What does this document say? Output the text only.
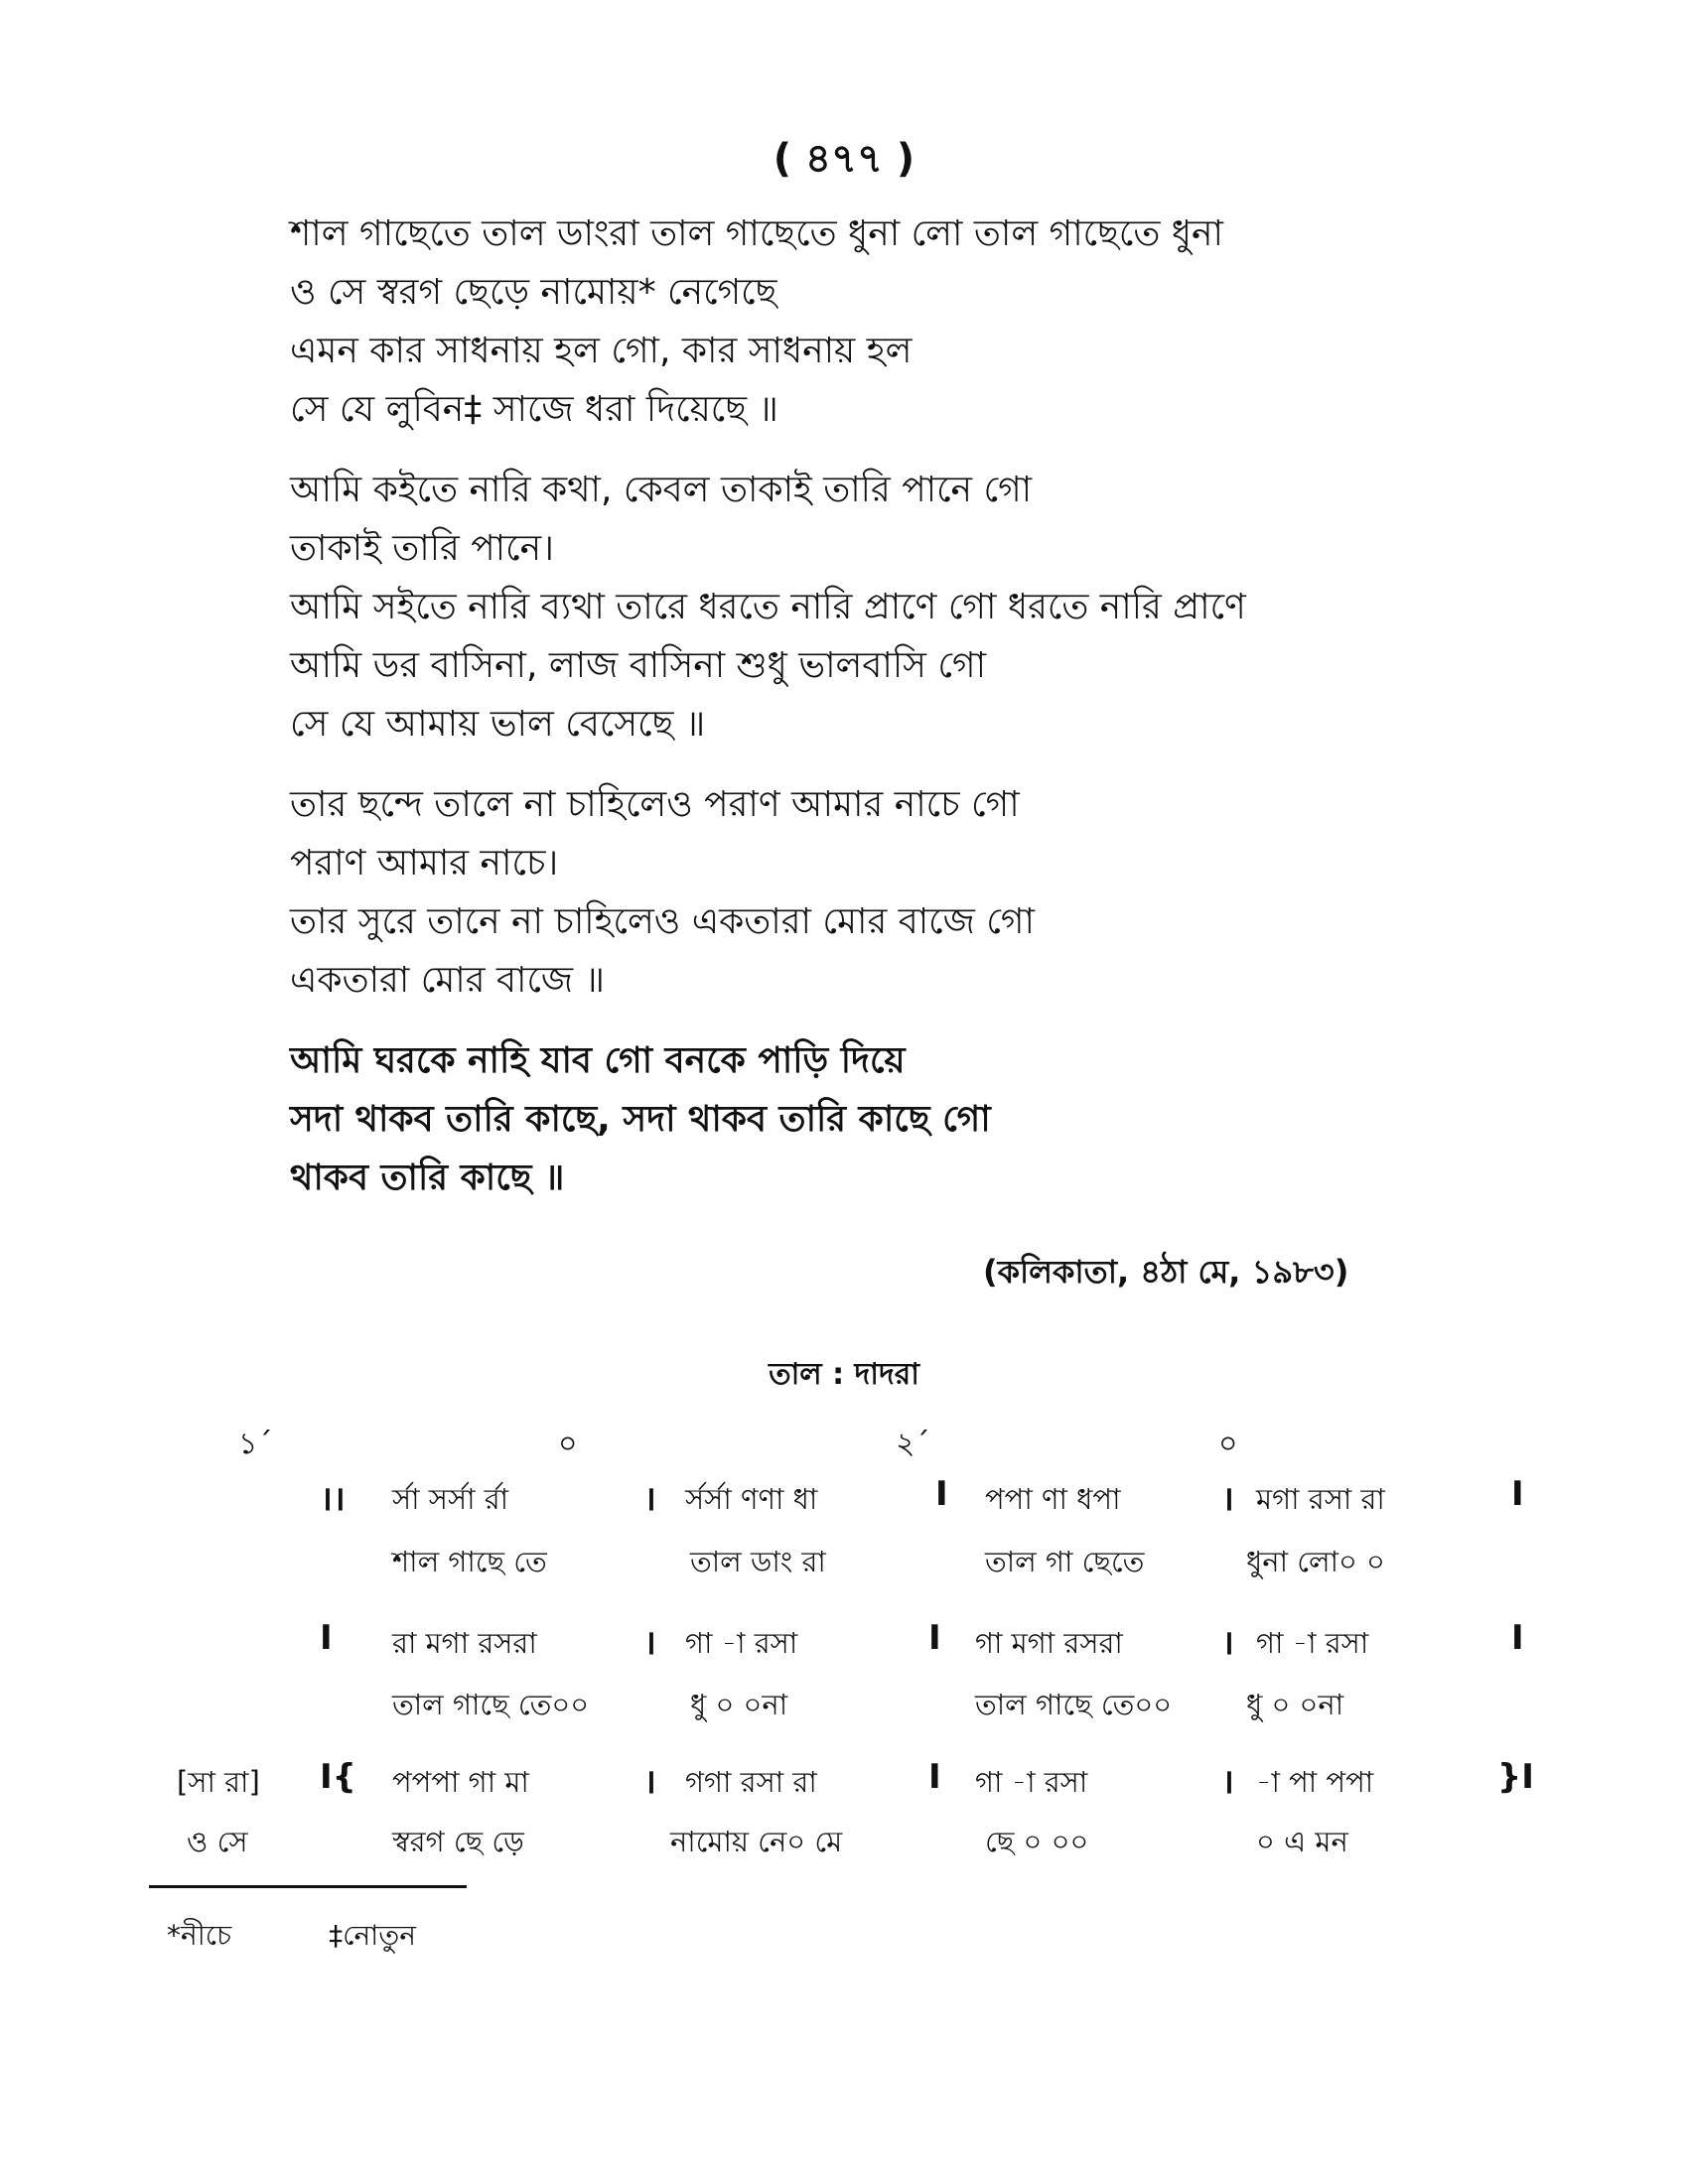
( ৪৭৭ )
শাল গাছেতে তাল ডাংরা তাল গাছেতে ধুনা লো তাল গাছেতে ধুনা
ও সে স্বরগ ছেড়ে নামোয়* নেগেছে
এমন কার সাধনায় হল গো, কার সাধনায় হল
সে যে লুবিন‡ সাজে ধরা দিয়েছে ॥
আমি কইতে নারি কথা, কেবল তাকাই তারি পানে গো
তাকাই তারি পানে।
আমি সইতে নারি ব্যথা তারে ধরতে নারি প্রাণে গো ধরতে নারি প্রাণে
আমি ডর বাসিনা, লাজ বাসিনা শুধু ভালবাসি গো
সে যে আমায় ভাল বেসেছে ॥
তার ছন্দে তালে না চাহিলেও পরাণ আমার নাচে গো
পরাণ আমার নাচে।
তার সুরে তানে না চাহিলেও একতারা মোর বাজে গো
একতারা মোর বাজে ॥
আমি ঘরকে নাহি যাব গো বনকে পাড়ি দিয়ে
সদা থাকব তারি কাছে, সদা থাকব তারি কাছে গো
থাকব তারি কাছে ॥
(কলিকাতা, ৪ঠা মে, ১৯৮৩)
তাল : দাদরা
১´	০	২´	০
।। র্সা সর্সা র্রা	। র্সর্সা ণণা ধা	I পপা ণা ধপা	। মগা রসা রা	I
শাল গাছে তে	তাল ডাং রা	তাল গা ছেতে	ধুনা লো০ ০
I রা মগা রসরা	। গা -া রসা	I গা মগা রসরা	। গা -া রসা	I
তাল গাছে তে০০	ধু ০ ০না	তাল গাছে তে০০	ধু ০ ০না
[সা রা] I{ পপপা গা মা	। গগা রসা রা	I গা -া রসা	। -া পা পপা	}I
ও সে	স্বরগ ছে ড়ে	নামোয় নে০ মে	ছে ০ ০০	০ এ মন
*নীচে	‡নোতুন
